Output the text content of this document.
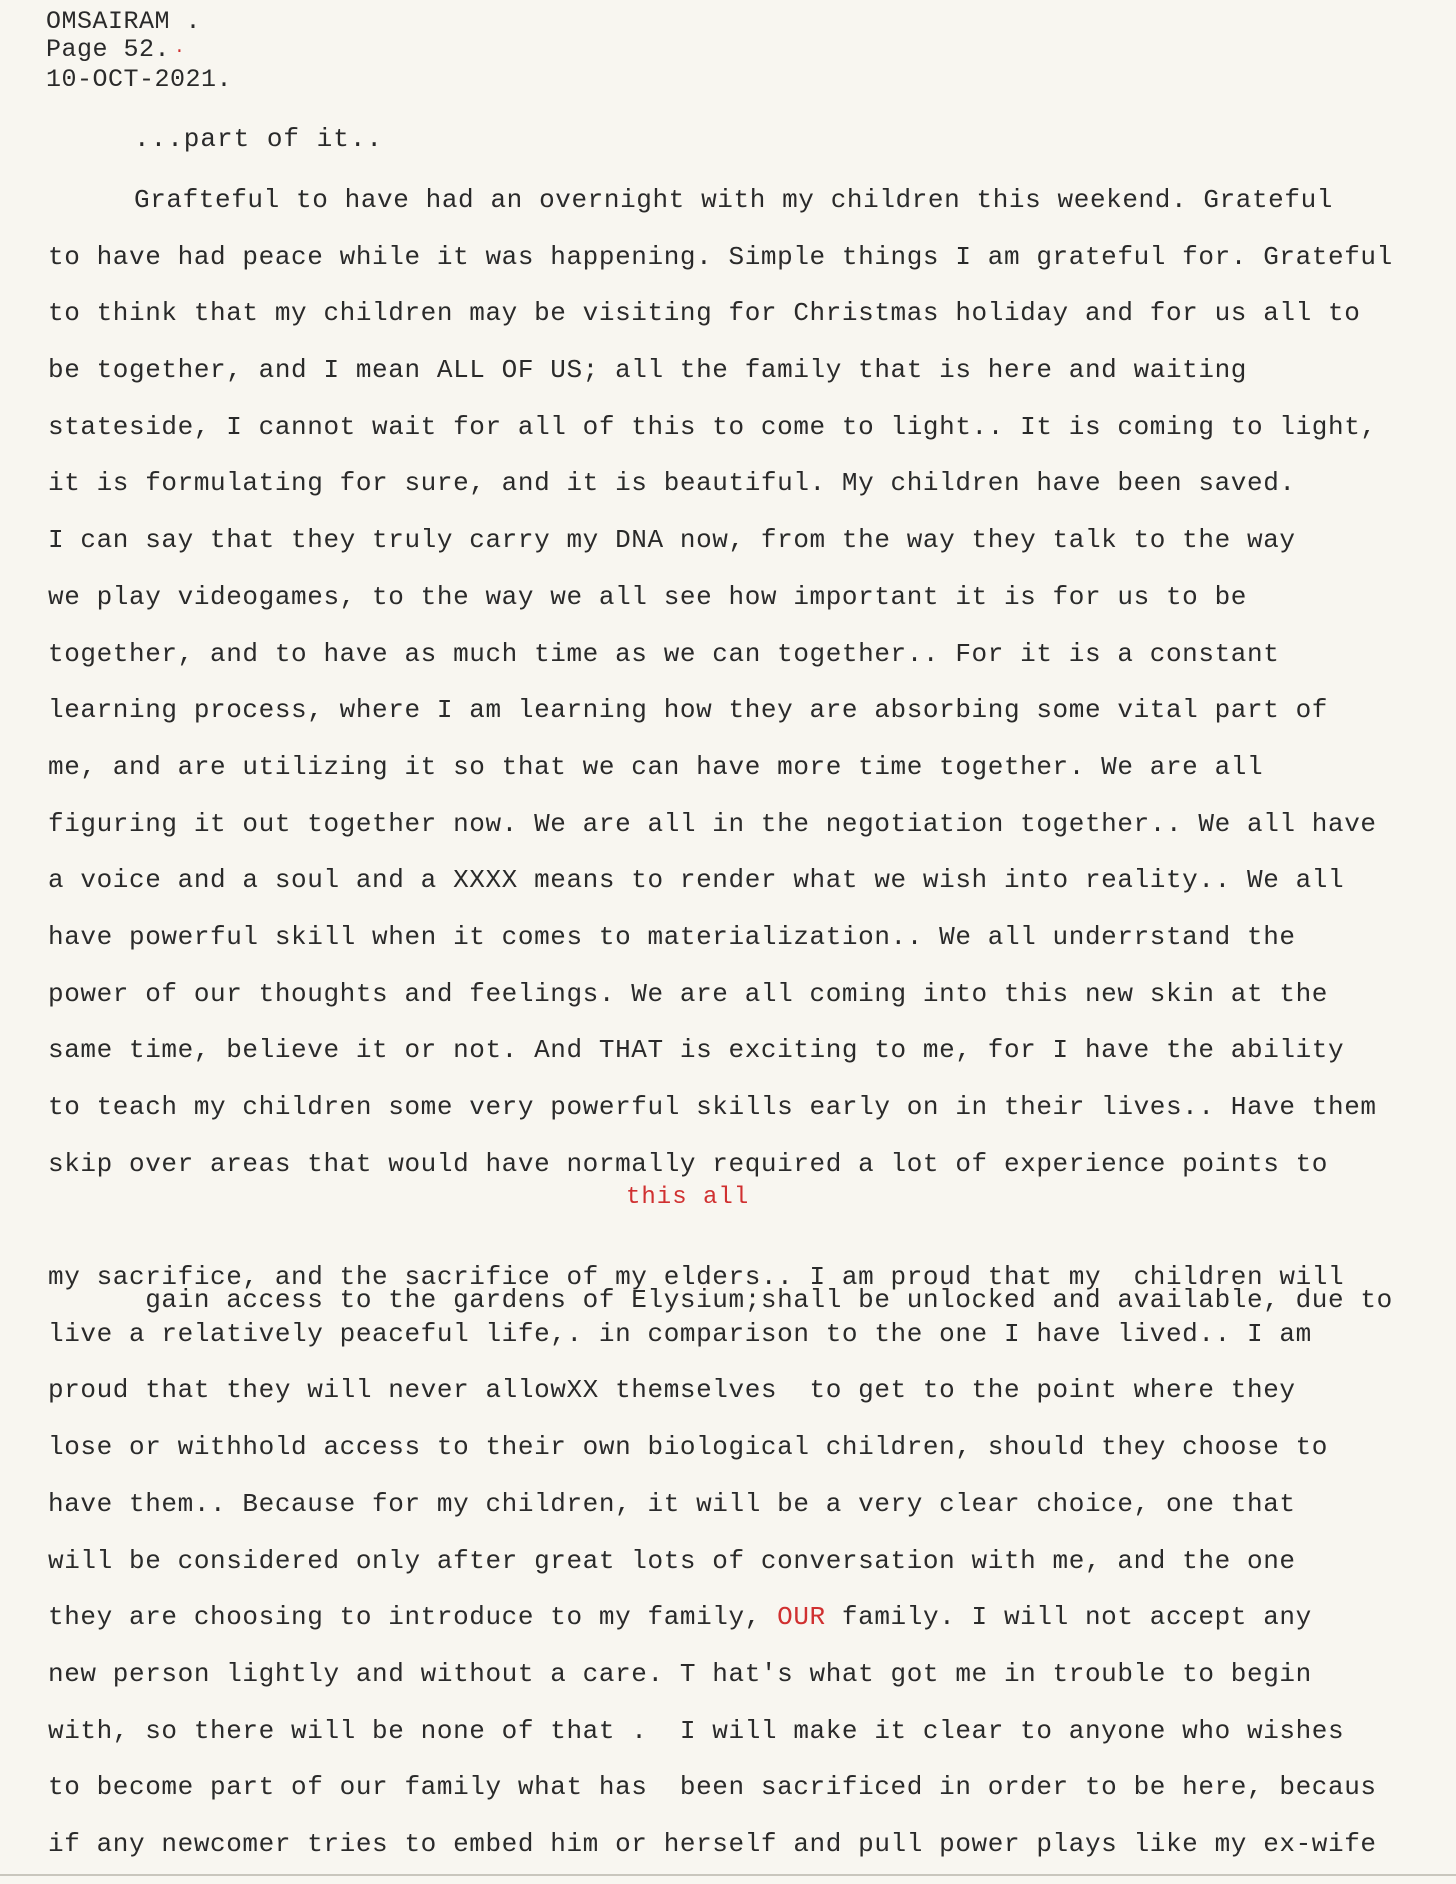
OMSAIRAM .
Page 52. ·
10-OCT-2021.
...part of it..
Grafteful to have had an overnight with my children this weekend. Grateful
to have had peace while it was happening. Simple things I am grateful for. Grateful
to think that my children may be visiting for Christmas holiday and for us all to
be together, and I mean ALL OF US; all the family that is here and waiting
stateside, I cannot wait for all of this to come to light.. It is coming to light,
it is formulating for sure, and it is beautiful. My children have been saved.
I can say that they truly carry my DNA now, from the way they talk to the way
we play videogames, to the way we all see how important it is for us to be
together, and to have as much time as we can together.. For it is a constant
learning process, where I am learning how they are absorbing some vital part of
me, and are utilizing it so that we can have more time together. We are all
figuring it out together now. We are all in the negotiation together.. We all have
a voice and a soul and a XXXX means to render what we wish into reality.. We all
have powerful skill when it comes to materialization.. We all underrstand the
power of our thoughts and feelings. We are all coming into this new skin at the
same time, believe it or not. And THAT is exciting to me, for I have the ability
to teach my children some very powerful skills early on in their lives.. Have them
skip over areas that would have normally required a lot of experience points to

this all

gain access to the gardens of Elysium;shall be unlocked and available, due to

my sacrifice, and the sacrifice of my elders.. I am proud that my  children will
live a relatively peaceful life,. in comparison to the one I have lived.. I am
proud that they will never allowXX themselves  to get to the point where they
lose or withhold access to their own biological children, should they choose to
have them.. Because for my children, it will be a very clear choice, one that
will be considered only after great lots of conversation with me, and the one
they are choosing to introduce to my family, OUR family. I will not accept any
new person lightly and without a care. T hat's what got me in trouble to begin
with, so there will be none of that .  I will make it clear to anyone who wishes
to become part of our family what has  been sacrificed in order to be here, becaus
if any newcomer tries to embed him or herself and pull power plays like my ex-wife
